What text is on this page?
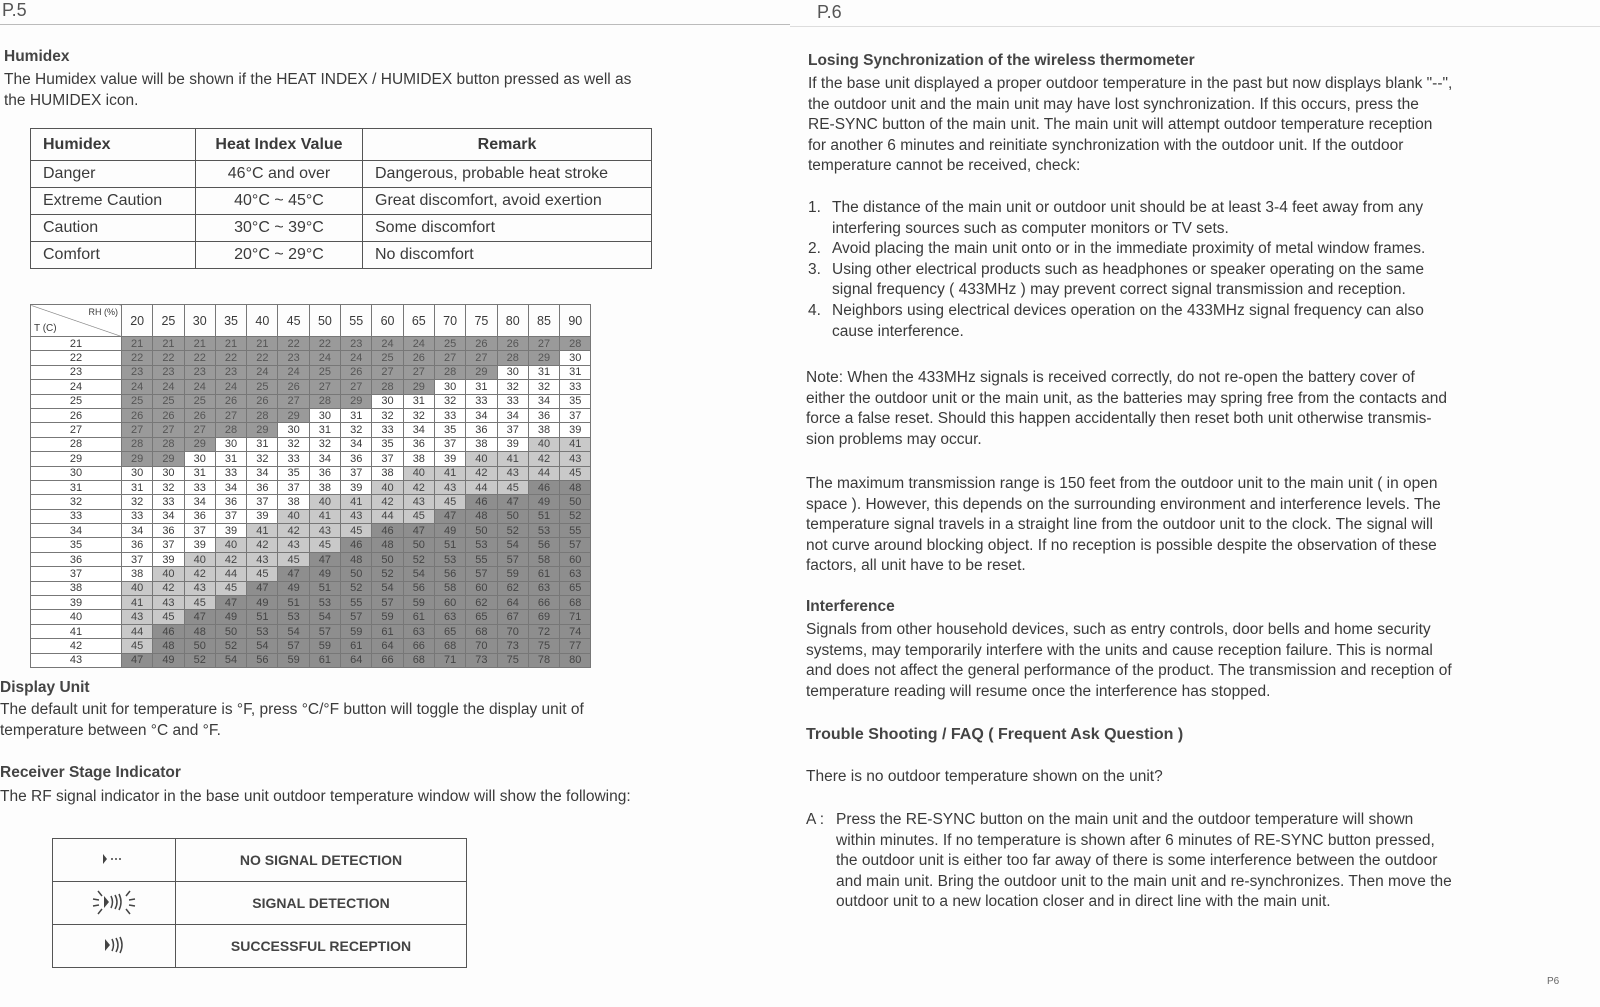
P.5	P.6
Humidex
The Humidex value will be shown if the HEAT INDEX / HUMIDEX button pressed as well as
the HUMIDEX icon.
Humidex	Heat Index Value	Remark
Danger	46°C and over	Dangerous, probable heat stroke
Extreme Caution	40°C ~ 45°C	Great discomfort, avoid exertion
Caution	30°C ~ 39°C	Some discomfort
Comfort	20°C ~ 29°C	No discomfort
RH (%)
T (C)	20	25	30	35	40	45	50	55	60	65	70	75	80	85	90
21	21	21	21	21	21	22	22	23	24	24	25	26	26	27	28
22	22	22	22	22	22	23	24	24	25	26	27	27	28	29	30
23	23	23	23	23	24	24	25	26	27	27	28	29	30	31	31
24	24	24	24	24	25	26	27	27	28	29	30	31	32	32	33
25	25	25	25	26	26	27	28	29	30	31	32	33	33	34	35
26	26	26	26	27	28	29	30	31	32	32	33	34	34	36	37
27	27	27	27	28	29	30	31	32	33	34	35	36	37	38	39
28	28	28	29	30	31	32	32	34	35	36	37	38	39	40	41
29	29	29	30	31	32	33	34	36	37	38	39	40	41	42	43
30	30	30	31	33	34	35	36	37	38	40	41	42	43	44	45
31	31	32	33	34	36	37	38	39	40	42	43	44	45	46	48
32	32	33	34	36	37	38	40	41	42	43	45	46	47	49	50
33	33	34	36	37	39	40	41	43	44	45	47	48	50	51	52
34	34	36	37	39	41	42	43	45	46	47	49	50	52	53	55
35	36	37	39	40	42	43	45	46	48	50	51	53	54	56	57
36	37	39	40	42	43	45	47	48	50	52	53	55	57	58	60
37	38	40	42	44	45	47	49	50	52	54	56	57	59	61	63
38	40	42	43	45	47	49	51	52	54	56	58	60	62	63	65
39	41	43	45	47	49	51	53	55	57	59	60	62	64	66	68
40	43	45	47	49	51	53	54	57	59	61	63	65	67	69	71
41	44	46	48	50	53	54	57	59	61	63	65	68	70	72	74
42	45	48	50	52	54	57	59	61	64	66	68	70	73	75	77
43	47	49	52	54	56	59	61	64	66	68	71	73	75	78	80
Display Unit
The default unit for temperature is °F, press °C/°F button will toggle the display unit of
temperature between °C and °F.
Receiver Stage Indicator
The RF signal indicator in the base unit outdoor temperature window will show the following:
	NO SIGNAL DETECTION
	SIGNAL DETECTION
	SUCCESSFUL RECEPTION
Losing Synchronization of the wireless thermometer
If the base unit displayed a proper outdoor temperature in the past but now displays blank "--",
the outdoor unit and the main unit may have lost synchronization. If this occurs, press the
RE-SYNC button of the main unit. The main unit will attempt outdoor temperature reception
for another 6 minutes and reinitiate synchronization with the outdoor unit. If the outdoor
temperature cannot be received, check:
1. The distance of the main unit or outdoor unit should be at least 3-4 feet away from any
interfering sources such as computer monitors or TV sets.
2. Avoid placing the main unit onto or in the immediate proximity of metal window frames.
3. Using other electrical products such as headphones or speaker operating on the same
signal frequency ( 433MHz ) may prevent correct signal transmission and reception.
4. Neighbors using electrical devices operation on the 433MHz signal frequency can also
cause interference.
Note: When the 433MHz signals is received correctly, do not re-open the battery cover of
either the outdoor unit or the main unit, as the batteries may spring free from the contacts and
force a false reset. Should this happen accidentally then reset both unit otherwise transmis-
sion problems may occur.
The maximum transmission range is 150 feet from the outdoor unit to the main unit ( in open
space ). However, this depends on the surrounding environment and interference levels. The
temperature signal travels in a straight line from the outdoor unit to the clock. The signal will
not curve around blocking object. If no reception is possible despite the observation of these
factors, all unit have to be reset.
Interference
Signals from other household devices, such as entry controls, door bells and home security
systems, may temporarily interfere with the units and cause reception failure. This is normal
and does not affect the general performance of the product. The transmission and reception of
temperature reading will resume once the interference has stopped.
Trouble Shooting / FAQ ( Frequent Ask Question )
There is no outdoor temperature shown on the unit?
A : Press the RE-SYNC button on the main unit and the outdoor temperature will shown
within minutes. If no temperature is shown after 6 minutes of RE-SYNC button pressed,
the outdoor unit is either too far away of there is some interference between the outdoor
and main unit. Bring the outdoor unit to the main unit and re-synchronizes. Then move the
outdoor unit to a new location closer and in direct line with the main unit.
P6
